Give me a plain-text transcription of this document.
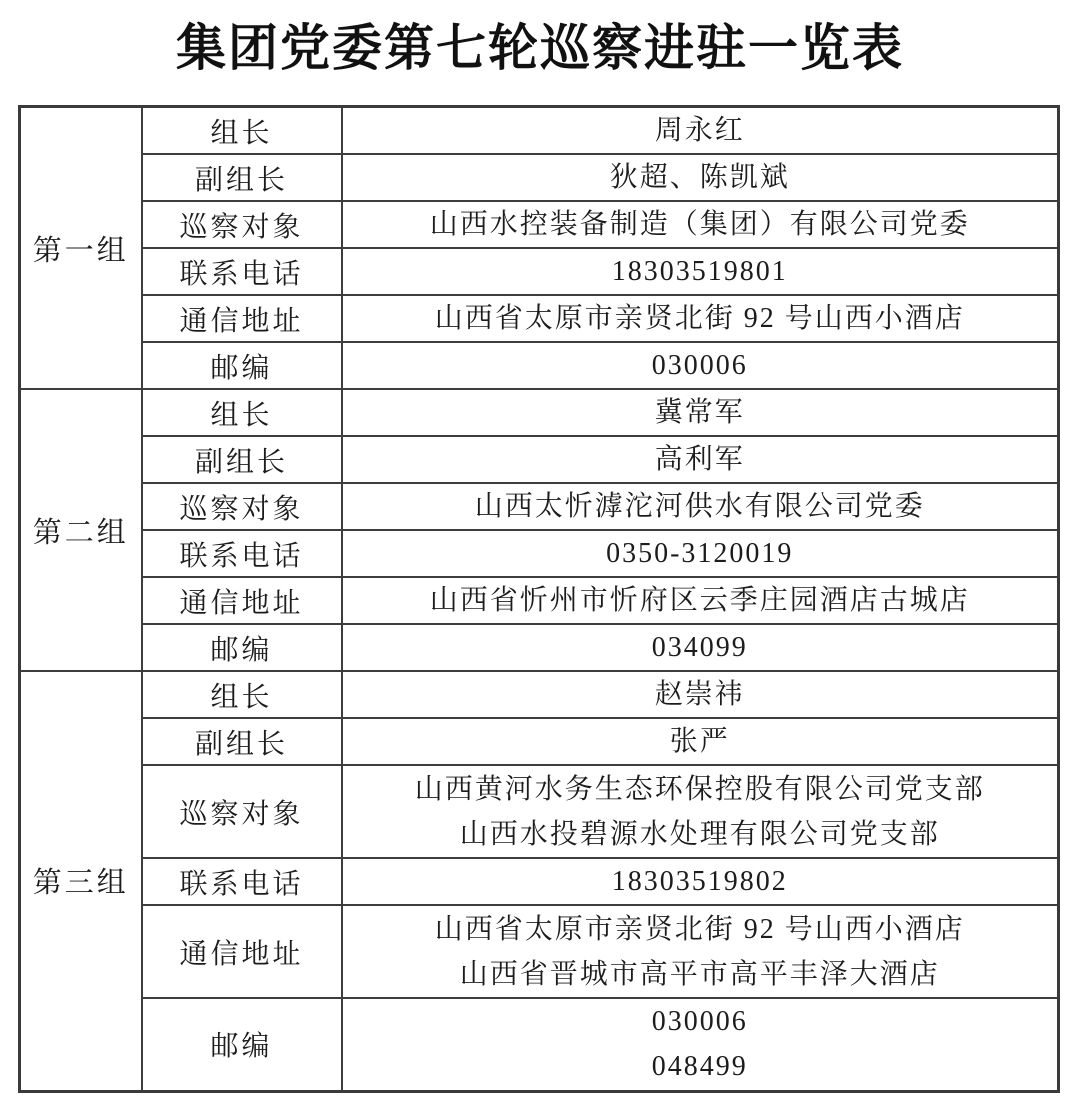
集团党委第七轮巡察进驻一览表
第一组	组长	周永红

	副组长	狄超、陈凯斌

	巡察对象	山西水控装备制造（集团）有限公司党委

	联系电话	18303519801

	通信地址	山西省太原市亲贤北街 92 号山西小酒店

	邮编	030006

第二组	组长	冀常军

	副组长	高利军

	巡察对象	山西太忻滹沱河供水有限公司党委

	联系电话	0350-3120019

	通信地址	山西省忻州市忻府区云季庄园酒店古城店

	邮编	034099

第三组	组长	赵崇祎

	副组长	张严

	巡察对象	山西黄河水务生态环保控股有限公司党支部
山西水投碧源水处理有限公司党支部

	联系电话	18303519802

	通信地址	山西省太原市亲贤北街 92 号山西小酒店
山西省晋城市高平市高平丰泽大酒店

	邮编	030006
048499
